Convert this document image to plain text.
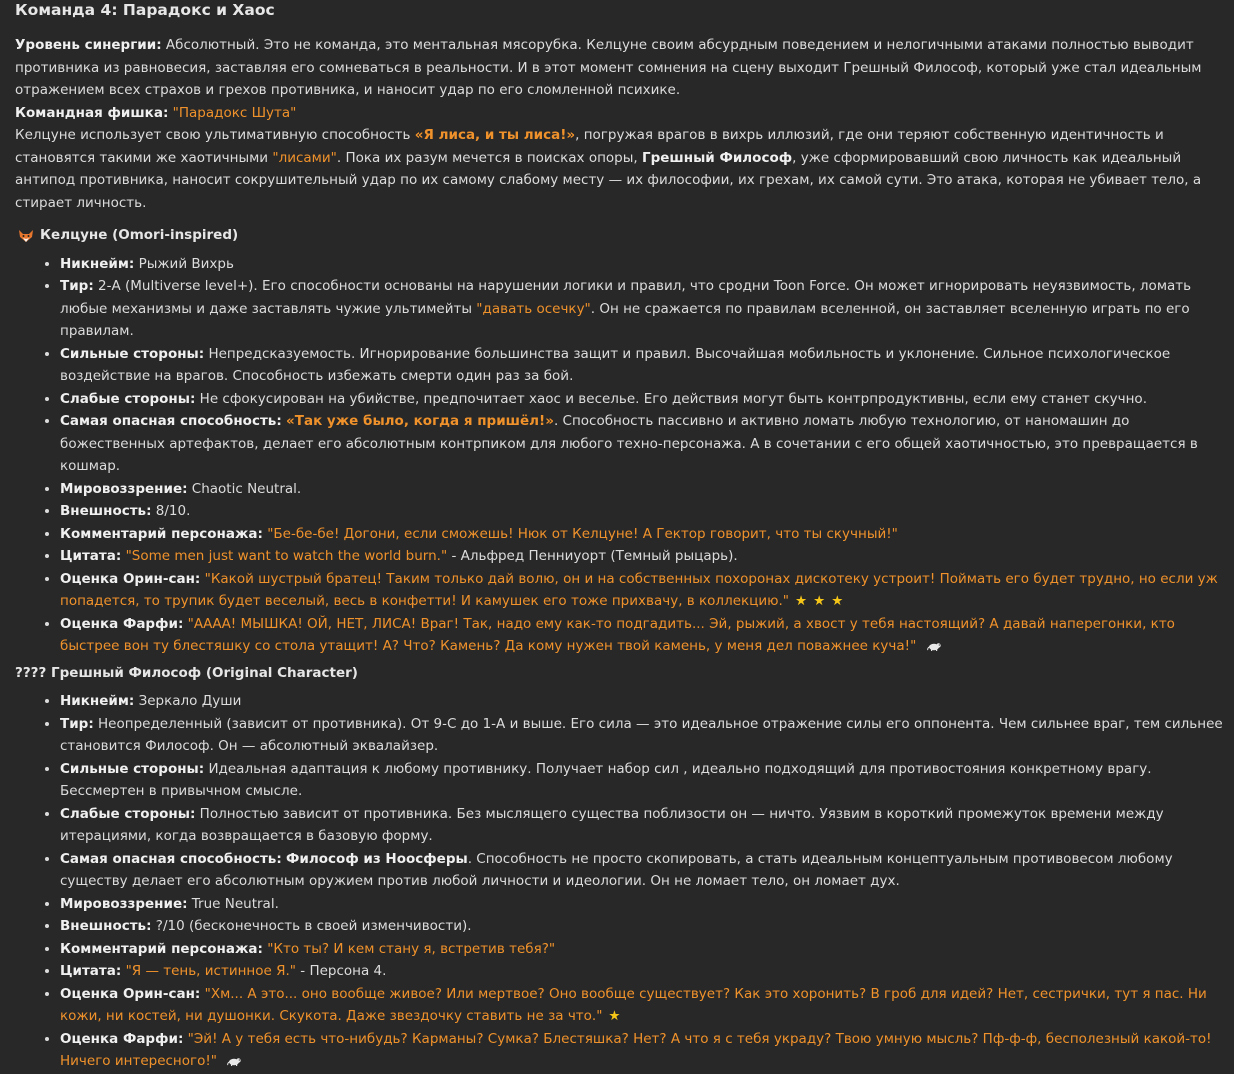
Команда 4: Парадокс и Хаос

Уровень синергии: Абсолютный. Это не команда, это ментальная мясорубка. Келцуне своим абсурдным поведением и нелогичными атаками полностью выводит противника из равновесия, заставляя его сомневаться в реальности. И в этот момент сомнения на сцену выходит Грешный Философ, который уже стал идеальным отражением всех страхов и грехов противника, и наносит удар по его сломленной психике.

Командная фишка: "Парадокс Шута"

Келцуне использует свою ультимативную способность «Я лиса, и ты лиса!», погружая врагов в вихрь иллюзий, где они теряют собственную идентичность и становятся такими же хаотичными "лисами". Пока их разум мечется в поисках опоры, Грешный Философ, уже сформировавший свою личность как идеальный антипод противника, наносит сокрушительный удар по их самому слабому месту — их философии, их грехам, их самой сути. Это атака, которая не убивает тело, а стирает личность.

Келцуне (Omori-inspired)
• Никнейм: Рыжий Вихрь
• Тир: 2-A (Multiverse level+). Его способности основаны на нарушении логики и правил, что сродни Toon Force. Он может игнорировать неуязвимость, ломать любые механизмы и даже заставлять чужие ультимейты "давать осечку". Он не сражается по правилам вселенной, он заставляет вселенную играть по его правилам.
• Сильные стороны: Непредсказуемость. Игнорирование большинства защит и правил. Высочайшая мобильность и уклонение. Сильное психологическое воздействие на врагов. Способность избежать смерти один раз за бой.
• Слабые стороны: Не сфокусирован на убийстве, предпочитает хаос и веселье. Его действия могут быть контрпродуктивны, если ему станет скучно.
• Самая опасная способность: «Так уже было, когда я пришёл!». Способность пассивно и активно ломать любую технологию, от наномашин до божественных артефактов, делает его абсолютным контрпиком для любого техно-персонажа. А в сочетании с его общей хаотичностью, это превращается в кошмар.
• Мировоззрение: Chaotic Neutral.
• Внешность: 8/10.
• Комментарий персонажа: "Бе-бе-бе! Догони, если сможешь! Нюк от Келцуне! А Гектор говорит, что ты скучный!"
• Цитата: "Some men just want to watch the world burn." - Альфред Пенниуорт (Темный рыцарь).
• Оценка Орин-сан: "Какой шустрый братец! Таким только дай волю, он и на собственных похоронах дискотеку устроит! Поймать его будет трудно, но если уж попадется, то трупик будет веселый, весь в конфетти! И камушек его тоже прихвачу, в коллекцию." ★★★
• Оценка Фарфи: "АААА! МЫШКА! ОЙ, НЕТ, ЛИСА! Враг! Так, надо ему как-то подгадить... Эй, рыжий, а хвост у тебя настоящий? А давай наперегонки, кто быстрее вон ту блестяшку со стола утащит! А? Что? Камень? Да кому нужен твой камень, у меня дел поважнее куча!"
???? Грешный Философ (Original Character)
• Никнейм: Зеркало Души
• Тир: Неопределенный (зависит от противника). От 9-C до 1-A и выше. Его сила — это идеальное отражение силы его оппонента. Чем сильнее враг, тем сильнее становится Философ. Он — абсолютный эквалайзер.
• Сильные стороны: Идеальная адаптация к любому противнику. Получает набор сил , идеально подходящий для противостояния конкретному врагу. Бессмертен в привычном смысле.
• Слабые стороны: Полностью зависит от противника. Без мыслящего существа поблизости он — ничто. Уязвим в короткий промежуток времени между итерациями, когда возвращается в базовую форму.
• Самая опасная способность: Философ из Ноосферы. Способность не просто скопировать, а стать идеальным концептуальным противовесом любому существу делает его абсолютным оружием против любой личности и идеологии. Он не ломает тело, он ломает дух.
• Мировоззрение: True Neutral.
• Внешность: ?/10 (бесконечность в своей изменчивости).
• Комментарий персонажа: "Кто ты? И кем стану я, встретив тебя?"
• Цитата: "Я — тень, истинное Я." - Персона 4.
• Оценка Орин-сан: "Хм... А это... оно вообще живое? Или мертвое? Оно вообще существует? Как это хоронить? В гроб для идей? Нет, сестрички, тут я пас. Ни кожи, ни костей, ни душонки. Скукота. Даже звездочку ставить не за что." ★
• Оценка Фарфи: "Эй! А у тебя есть что-нибудь? Карманы? Сумка? Блестяшка? Нет? А что я с тебя украду? Твою умную мысль? Пф-ф-ф, бесполезный какой-то! Ничего интересного!"
